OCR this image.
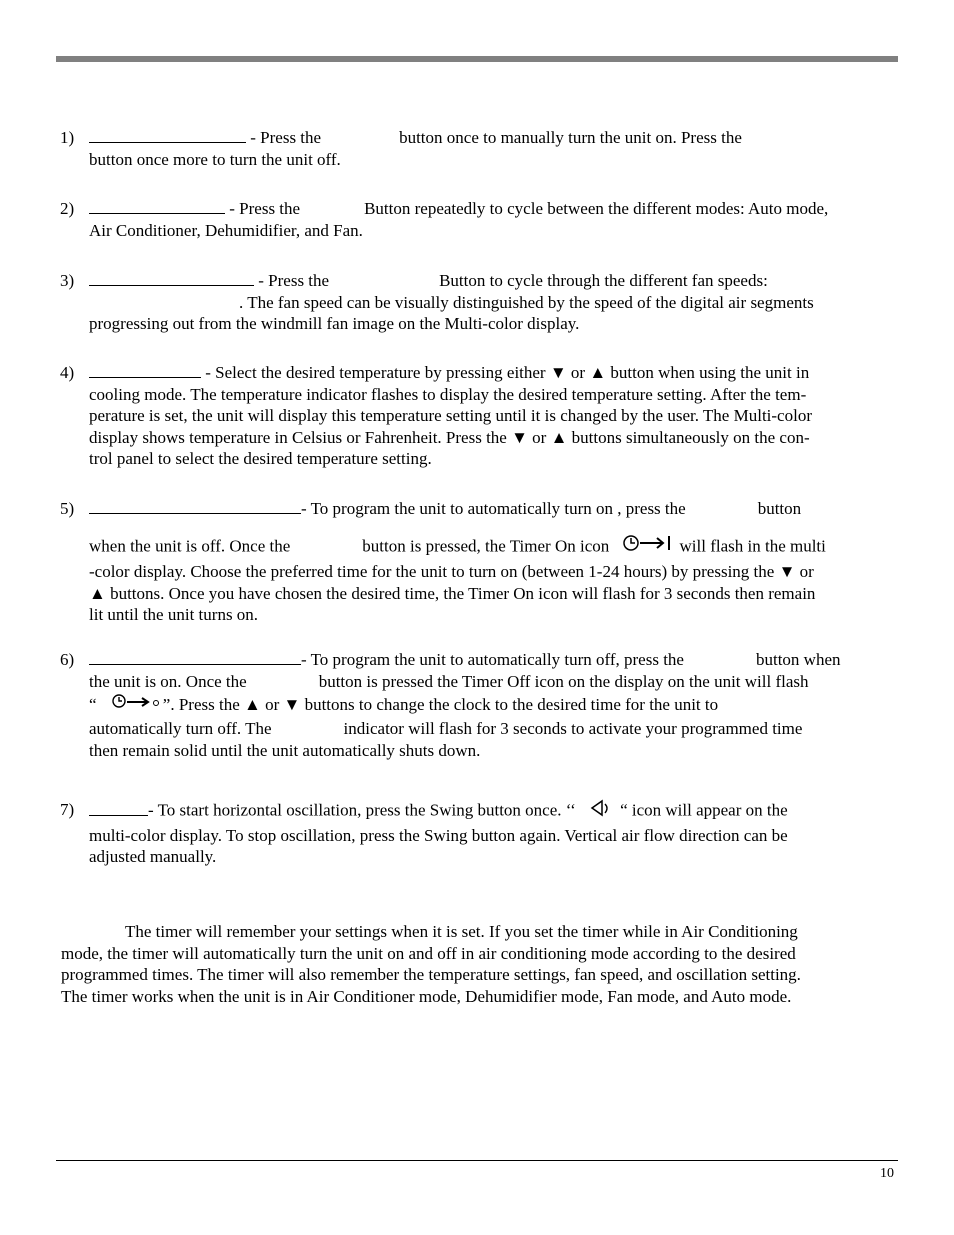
1)	- Press the	button once to manually turn the unit on. Press the
button once more to turn the unit off.
2)	- Press the	Button repeatedly to cycle between the different modes: Auto mode,
Air Conditioner, Dehumidifier, and Fan.
3)	- Press the	Button to cycle through the different fan speeds:
. The fan speed can be visually distinguished by the speed of the digital air segments
progressing out from the windmill fan image on the Multi-color display.
4)	- Select the desired temperature by pressing either ▼ or ▲ button when using the unit in
cooling mode. The temperature indicator flashes to display the desired temperature setting. After the tem-
perature is set, the unit will display this temperature setting until it is changed by the user. The Multi-color
display shows temperature in Celsius or Fahrenheit. Press the ▼ or ▲ buttons simultaneously on the con-
trol panel to select the desired temperature setting.
5)	- To program the unit to automatically turn on , press the	button
when the unit is off. Once the	button is pressed, the Timer On icon	will flash in the multi
-color display. Choose the preferred time for the unit to turn on (between 1-24 hours) by pressing the ▼ or
▲ buttons. Once you have chosen the desired time, the Timer On icon will flash for 3 seconds then remain
lit until the unit turns on.
6)	- To program the unit to automatically turn off, press the	button when
the unit is on. Once the	button is pressed the Timer Off icon on the display on the unit will flash
“	”. Press the ▲ or ▼ buttons to change the clock to the desired time for the unit to
automatically turn off. The	indicator will flash for 3 seconds to activate your programmed time
then remain solid until the unit automatically shuts down.
7)	- To start horizontal oscillation, press the Swing button once. ‘‘	“ icon will appear on the
multi-color display. To stop oscillation, press the Swing button again. Vertical air flow direction can be
adjusted manually.
The timer will remember your settings when it is set. If you set the timer while in Air Conditioning
mode, the timer will automatically turn the unit on and off in air conditioning mode according to the desired
programmed times. The timer will also remember the temperature settings, fan speed, and oscillation setting.
The timer works when the unit is in Air Conditioner mode, Dehumidifier mode, Fan mode, and Auto mode.
10
